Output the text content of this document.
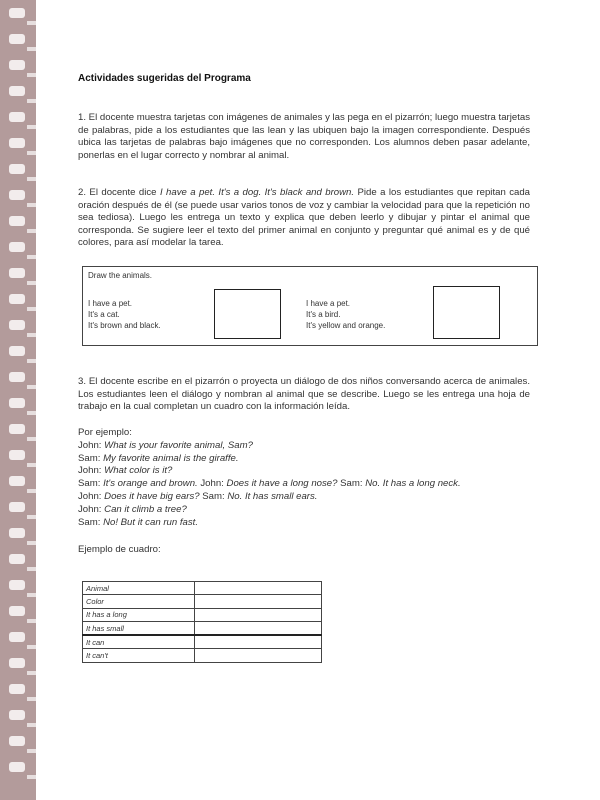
Actividades sugeridas del Programa
1. El docente muestra tarjetas con imágenes de animales y las pega en el pizarrón; luego muestra tarjetas de palabras, pide a los estudiantes que las lean y las ubiquen bajo la imagen correspondiente. Después ubica las tarjetas de palabras bajo imágenes que no corresponden. Los alumnos deben pasar adelante, ponerlas en el lugar correcto y nombrar al animal.
2. El docente dice I have a pet. It's a dog. It's black and brown. Pide a los estudiantes que repitan cada oración después de él (se puede usar varios tonos de voz y cambiar la velocidad para que la repetición no sea tediosa). Luego les entrega un texto y explica que deben leerlo y dibujar y pintar el animal que corresponda. Se sugiere leer el texto del primer animal en conjunto y preguntar qué animal es y de qué colores, para así modelar la tarea.
Draw the animals.
I have a pet.
It's a cat.
It's brown and black.
I have a pet.
It's a bird.
It's yellow and orange.
3. El docente escribe en el pizarrón o proyecta un diálogo de dos niños conversando acerca de animales. Los estudiantes leen el diálogo y nombran al animal que se describe. Luego se les entrega una hoja de trabajo en la cual completan un cuadro con la información leída.
Por ejemplo:
John: What is your favorite animal, Sam?
Sam: My favorite animal is the giraffe.
John: What color is it?
Sam: It's orange and brown. John: Does it have a long nose? Sam: No. It has a long neck.
John: Does it have big ears? Sam: No. It has small ears.
John: Can it climb a tree?
Sam: No! But it can run fast.
Ejemplo de cuadro:
Animal	
Color	
It has a long	
It has small	
It can	
It can't	
